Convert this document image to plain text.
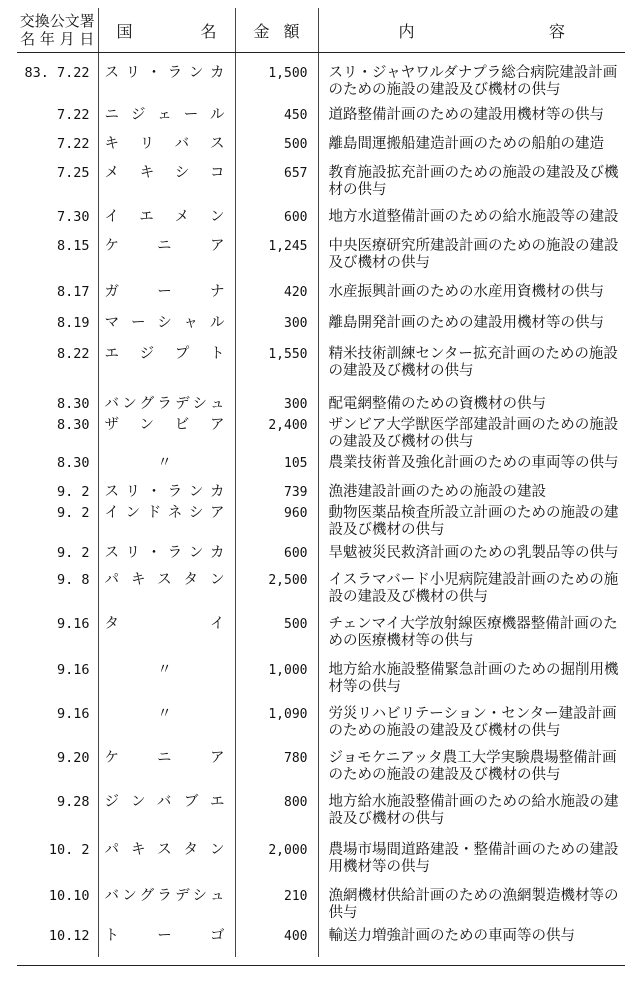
交換公文署
名 年 月 日	国 名	金 額	内 容

83. 7.22	スリ・ランカ	1,500	スリ・ジャヤワルダナプラ総合病院建設計画のための施設の建設及び機材の供与
7.22	ニジェール	450	道路整備計画のための建設用機材等の供与
7.22	キリバス	500	離島間運搬船建造計画のための船舶の建造
7.25	メキシコ	657	教育施設拡充計画のための施設の建設及び機材の供与
7.30	イエメン	600	地方水道整備計画のための給水施設等の建設
8.15	ケニア	1,245	中央医療研究所建設計画のための施設の建設及び機材の供与
8.17	ガーナ	420	水産振興計画のための水産用資機材の供与
8.19	マーシャル	300	離島開発計画のための建設用機材等の供与
8.22	エジプト	1,550	精米技術訓練センター拡充計画のための施設の建設及び機材の供与
8.30	バングラデシュ	300	配電網整備のための資機材の供与
8.30	ザンビア	2,400	ザンビア大学獣医学部建設計画のための施設の建設及び機材の供与
8.30	〃	105	農業技術普及強化計画のための車両等の供与
9. 2	スリ・ランカ	739	漁港建設計画のための施設の建設
9. 2	インドネシア	960	動物医薬品検査所設立計画のための施設の建設及び機材の供与
9. 2	スリ・ランカ	600	旱魃被災民救済計画のための乳製品等の供与
9. 8	パキスタン	2,500	イスラマバード小児病院建設計画のための施設の建設及び機材の供与
9.16	タイ	500	チェンマイ大学放射線医療機器整備計画のための医療機材等の供与
9.16	〃	1,000	地方給水施設整備緊急計画のための掘削用機材等の供与
9.16	〃	1,090	労災リハビリテーション・センター建設計画のための施設の建設及び機材の供与
9.20	ケニア	780	ジョモケニアッタ農工大学実験農場整備計画のための施設の建設及び機材の供与
9.28	ジンバブエ	800	地方給水施設整備計画のための給水施設の建設及び機材の供与
10. 2	パキスタン	2,000	農場市場間道路建設・整備計画のための建設用機材等の供与
10.10	バングラデシュ	210	漁網機材供給計画のための漁網製造機材等の供与
10.12	トーゴ	400	輸送力増強計画のための車両等の供与
